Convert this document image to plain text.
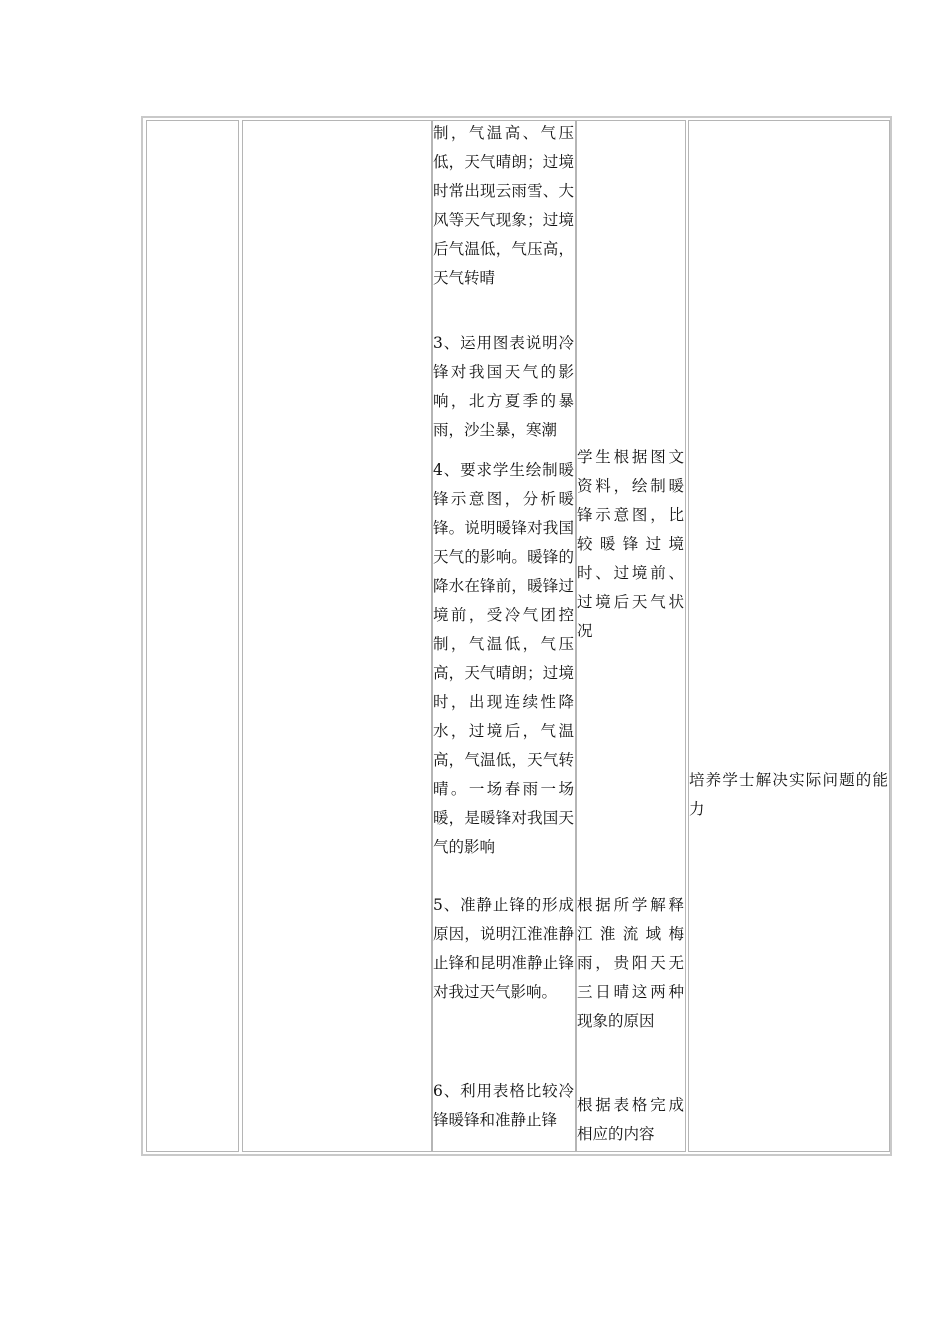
制，气温高、气压低，天气晴朗；过境时常出现云雨雪、大风等天气现象；过境后气温低，气压高，天气转晴

3、运用图表说明冷锋对我国天气的影响，北方夏季的暴雨，沙尘暴，寒潮

4、要求学生绘制暖锋示意图，分析暖锋。说明暖锋对我国天气的影响。暖锋的降水在锋前，暖锋过境前，受冷气团控制，气温低，气压高，天气晴朗；过境时，出现连续性降水，过境后，气温高，气温低，天气转晴。一场春雨一场暖，是暖锋对我国天气的影响

5、准静止锋的形成原因，说明江淮准静止锋和昆明准静止锋对我过天气影响。

6、利用表格比较冷锋暖锋和准静止锋

学生根据图文资料，绘制暖锋示意图，比较暖锋过境时、过境前、过境后天气状况

根据所学解释江淮流域梅雨，贵阳天无三日晴这两种现象的原因

根据表格完成相应的内容

培养学士解决实际问题的能力
